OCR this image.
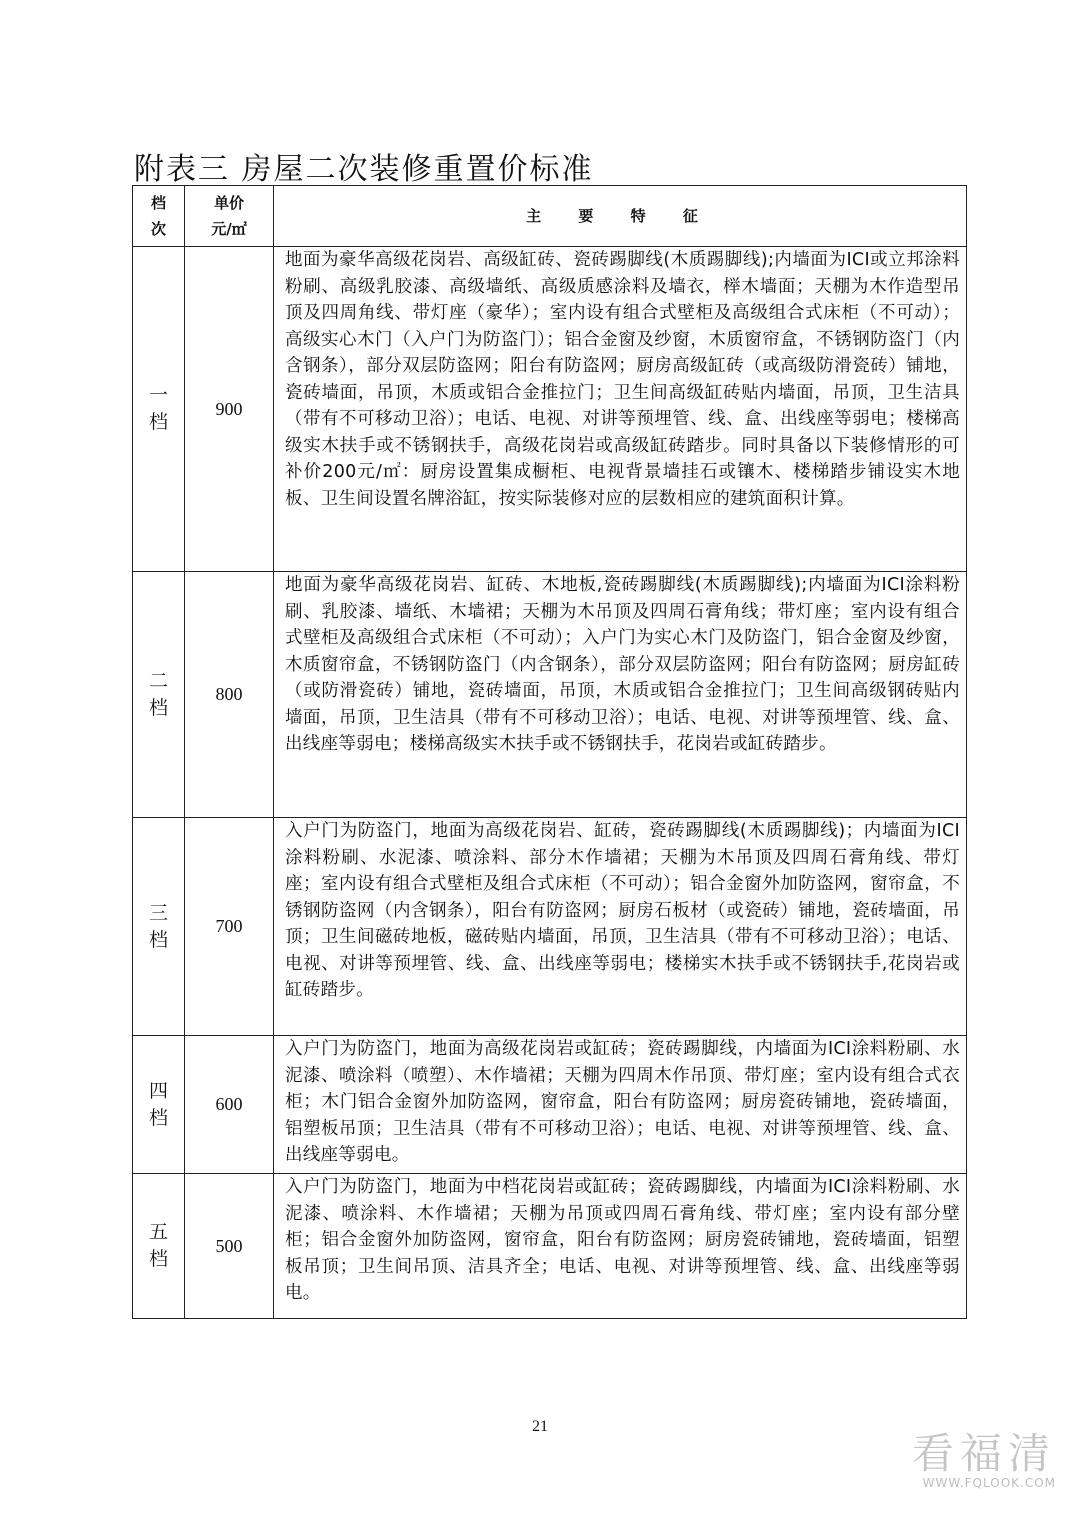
附表三 房屋二次装修重置价标准
档次	单价元/㎡	主 要 特 征

一档	900	地面为豪华高级花岗岩、高级缸砖、瓷砖踢脚线(木质踢脚线);内墙面为ICI或立邦涂料粉刷、高级乳胶漆、高级墙纸、高级质感涂料及墙衣，榉木墙面；天棚为木作造型吊顶及四周角线、带灯座（豪华）；室内设有组合式壁柜及高级组合式床柜（不可动）；高级实心木门（入户门为防盗门）；铝合金窗及纱窗，木质窗帘盒，不锈钢防盗门（内含钢条），部分双层防盗网；阳台有防盗网；厨房高级缸砖（或高级防滑瓷砖）铺地，瓷砖墙面，吊顶，木质或铝合金推拉门；卫生间高级缸砖贴内墙面，吊顶，卫生洁具（带有不可移动卫浴）；电话、电视、对讲等预埋管、线、盒、出线座等弱电；楼梯高级实木扶手或不锈钢扶手，高级花岗岩或高级缸砖踏步。同时具备以下装修情形的可补价200元/㎡：厨房设置集成橱柜、电视背景墙挂石或镶木、楼梯踏步铺设实木地板、卫生间设置名牌浴缸，按实际装修对应的层数相应的建筑面积计算。

二档	800	地面为豪华高级花岗岩、缸砖、木地板,瓷砖踢脚线(木质踢脚线);内墙面为ICI涂料粉刷、乳胶漆、墙纸、木墙裙；天棚为木吊顶及四周石膏角线；带灯座；室内设有组合式壁柜及高级组合式床柜（不可动）；入户门为实心木门及防盗门，铝合金窗及纱窗，木质窗帘盒，不锈钢防盗门（内含钢条），部分双层防盗网；阳台有防盗网；厨房缸砖（或防滑瓷砖）铺地，瓷砖墙面，吊顶，木质或铝合金推拉门；卫生间高级钢砖贴内墙面，吊顶，卫生洁具（带有不可移动卫浴）；电话、电视、对讲等预埋管、线、盒、出线座等弱电；楼梯高级实木扶手或不锈钢扶手，花岗岩或缸砖踏步。

三档	700	入户门为防盗门，地面为高级花岗岩、缸砖，瓷砖踢脚线(木质踢脚线)；内墙面为ICI涂料粉刷、水泥漆、喷涂料、部分木作墙裙；天棚为木吊顶及四周石膏角线、带灯座；室内设有组合式壁柜及组合式床柜（不可动）；铝合金窗外加防盗网，窗帘盒，不锈钢防盗网（内含钢条），阳台有防盗网；厨房石板材（或瓷砖）铺地，瓷砖墙面，吊顶；卫生间磁砖地板，磁砖贴内墙面，吊顶，卫生洁具（带有不可移动卫浴）；电话、电视、对讲等预埋管、线、盒、出线座等弱电；楼梯实木扶手或不锈钢扶手,花岗岩或缸砖踏步。

四档	600	入户门为防盗门，地面为高级花岗岩或缸砖；瓷砖踢脚线，内墙面为ICI涂料粉刷、水泥漆、喷涂料（喷塑）、木作墙裙；天棚为四周木作吊顶、带灯座；室内设有组合式衣柜；木门铝合金窗外加防盗网，窗帘盒，阳台有防盗网；厨房瓷砖铺地，瓷砖墙面，铝塑板吊顶；卫生洁具（带有不可移动卫浴）；电话、电视、对讲等预埋管、线、盒、出线座等弱电。

五档	500	入户门为防盗门，地面为中档花岗岩或缸砖；瓷砖踢脚线，内墙面为ICI涂料粉刷、水泥漆、喷涂料、木作墙裙；天棚为吊顶或四周石膏角线、带灯座；室内设有部分壁柜；铝合金窗外加防盗网，窗帘盒，阳台有防盗网；厨房瓷砖铺地，瓷砖墙面，铝塑板吊顶；卫生间吊顶、洁具齐全；电话、电视、对讲等预埋管、线、盒、出线座等弱电。
21
看福清
WWW.FQLOOK.COM
